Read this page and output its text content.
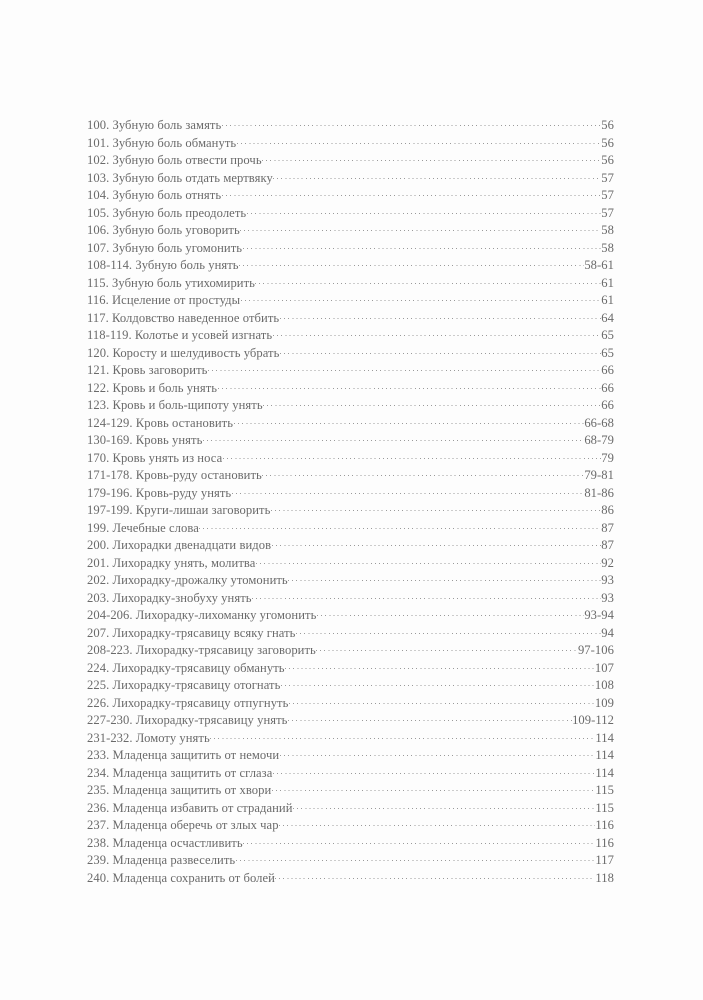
100. Зубную боль замять	56
101. Зубную боль обмануть	56
102. Зубную боль отвести прочь	56
103. Зубную боль отдать мертвяку	57
104. Зубную боль отнять	57
105. Зубную боль преодолеть	57
106. Зубную боль уговорить	58
107. Зубную боль угомонить	58
108-114. Зубную боль унять	58-61
115. Зубную боль утихомирить	61
116. Исцеление от простуды	61
117. Колдовство наведенное отбить	64
118-119. Колотье и усовей изгнать	65
120. Коросту и шелудивость убрать	65
121. Кровь заговорить	66
122. Кровь и боль унять	66
123. Кровь и боль-щипоту унять	66
124-129. Кровь остановить	66-68
130-169. Кровь унять	68-79
170. Кровь унять из носа	79
171-178. Кровь-руду остановить	79-81
179-196. Кровь-руду унять	81-86
197-199. Круги-лишаи заговорить	86
199. Лечебные слова	87
200. Лихорадки двенадцати видов	87
201. Лихорадку унять, молитва	92
202. Лихорадку-дрожалку утомонить	93
203. Лихорадку-знобуху унять	93
204-206. Лихорадку-лихоманку угомонить	93-94
207. Лихорадку-трясавицу всяку гнать	94
208-223. Лихорадку-трясавицу заговорить	97-106
224. Лихорадку-трясавицу обмануть	107
225. Лихорадку-трясавицу отогнать	108
226. Лихорадку-трясавицу отпугнуть	109
227-230. Лихорадку-трясавицу унять	109-112
231-232. Ломоту унять	114
233. Младенца защитить от немочи	114
234. Младенца защитить от сглаза	114
235. Младенца защитить от хвори	115
236. Младенца избавить от страданий	115
237. Младенца оберечь от злых чар	116
238. Младенца осчастливить	116
239. Младенца развеселить	117
240. Младенца сохранить от болей	118
